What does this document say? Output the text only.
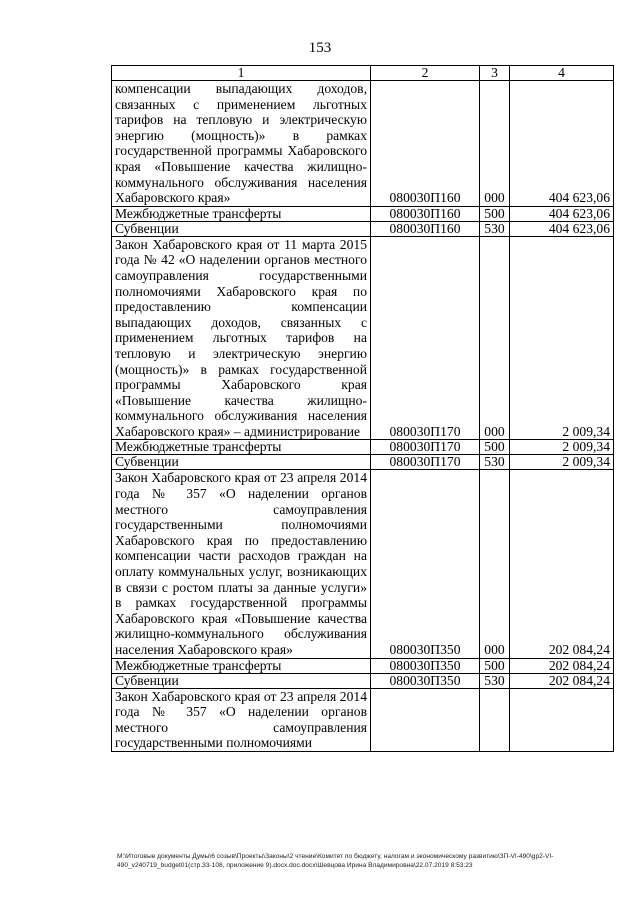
153
1	2	3	4
компенсации выпадающих доходов, связанных с применением льготных тарифов на тепловую и электрическую энергию (мощность)» в рамках государственной программы Хабаровского края «Повышение качества жилищно-коммунального обслуживания населения Хабаровского края»	080030П160	000	404 623,06
Межбюджетные трансферты	080030П160	500	404 623,06
Субвенции	080030П160	530	404 623,06
Закон Хабаровского края от 11 марта 2015 года № 42 «О наделении органов местного самоуправления государственными полномочиями Хабаровского края по предоставлению компенсации выпадающих доходов, связанных с применением льготных тарифов на тепловую и электрическую энергию (мощность)» в рамках государственной программы Хабаровского края «Повышение качества жилищно-коммунального обслуживания населения Хабаровского края» – администрирование	080030П170	000	2 009,34
Межбюджетные трансферты	080030П170	500	2 009,34
Субвенции	080030П170	530	2 009,34
Закон Хабаровского края от 23 апреля 2014 года № 357 «О наделении органов местного самоуправления государственными полномочиями Хабаровского края по предоставлению компенсации части расходов граждан на оплату коммунальных услуг, возникающих в связи с ростом платы за данные услуги» в рамках государственной программы Хабаровского края «Повышение качества жилищно-коммунального обслуживания населения Хабаровского края»	080030П350	000	202 084,24
Межбюджетные трансферты	080030П350	500	202 084,24
Субвенции	080030П350	530	202 084,24
Закон Хабаровского края от 23 апреля 2014 года № 357 «О наделении органов местного самоуправления государственными полномочиями			
M:\Итоговые документы Думы\6 созыв\Проекты\Законы\2 чтение\Комитет по бюджету, налогам и экономическому развитию\ЗП-VI-490\gp2-VI-490_v240719_budget01(стр.33-108, приложение 9).docx.doc.docx\Шевцова Ирина Владимировна\22.07.2019 8:53:23
